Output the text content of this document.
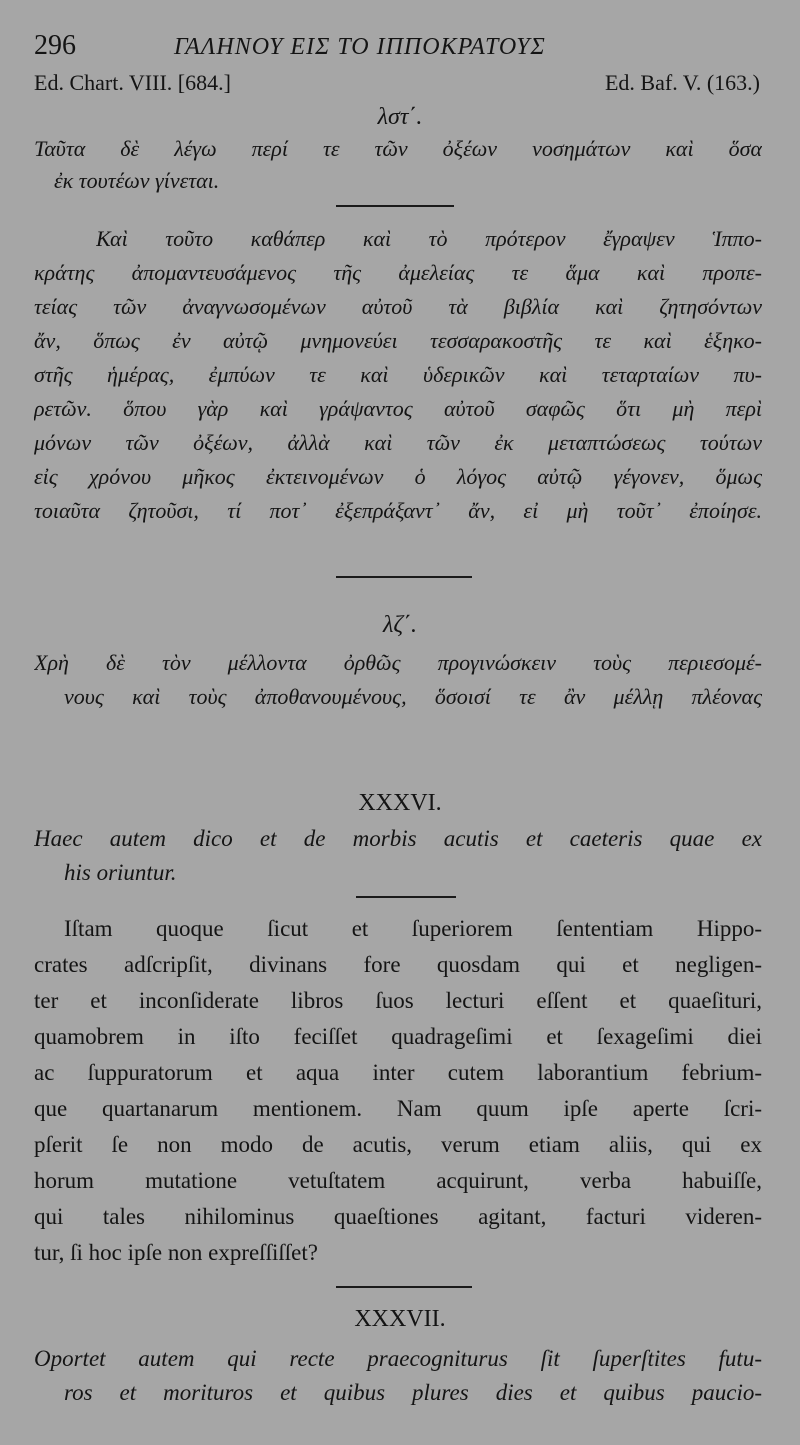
296	ΓΑΛΗΝΟΥ ΕΙΣ ΤΟ ΙΠΠΟΚΡΑΤΟΥΣ
Ed. Chart. VIII. [684.]	Ed. Baf. V. (163.)
λστ΄.
Ταῦτα δὲ λέγω περί τε τῶν ὀξέων νοσημάτων καὶ ὅσα
ἐκ τουτέων γίνεται.
Καὶ τοῦτο καθάπερ καὶ τὸ πρότερον ἔγραψεν Ἱππο-
κράτης ἀπομαντευσάμενος τῆς ἀμελείας τε ἅμα καὶ προπε-
τείας τῶν ἀναγνωσομένων αὐτοῦ τὰ βιβλία καὶ ζητησόντων
ἄν, ὅπως ἐν αὐτῷ μνημονεύει τεσσαρακοστῆς τε καὶ ἑξηκο-
στῆς ἡμέρας, ἐμπύων τε καὶ ὑδερικῶν καὶ τεταρταίων πυ-
ρετῶν. ὅπου γὰρ καὶ γράψαντος αὐτοῦ σαφῶς ὅτι μὴ περὶ
μόνων τῶν ὀξέων, ἀλλὰ καὶ τῶν ἐκ μεταπτώσεως τούτων
εἰς χρόνου μῆκος ἐκτεινομένων ὁ λόγος αὐτῷ γέγονεν, ὅμως
τοιαῦτα ζητοῦσι, τί ποτ᾽ ἐξεπράξαντ᾽ ἄν, εἰ μὴ τοῦτ᾽ ἐποίησε.
λζ΄.
Χρὴ δὲ τὸν μέλλοντα ὀρθῶς προγινώσκειν τοὺς περιεσομέ-
νους καὶ τοὺς ἀποθανουμένους, ὅσοισί τε ἂν μέλλῃ πλέονας
XXXVI.
Haec autem dico et de morbis acutis et caeteris quae ex
his oriuntur.
Iſtam quoque ſicut et ſuperiorem ſententiam Hippo-
crates adſcripſit, divinans fore quosdam qui et negligen-
ter et inconſiderate libros ſuos lecturi eſſent et quaeſituri,
quamobrem in iſto feciſſet quadrageſimi et ſexageſimi diei
ac ſuppuratorum et aqua inter cutem laborantium febrium-
que quartanarum mentionem. Nam quum ipſe aperte ſcri-
pſerit ſe non modo de acutis, verum etiam aliis, qui ex
horum mutatione vetuſtatem acquirunt, verba habuiſſe,
qui tales nihilominus quaeſtiones agitant, facturi videren-
tur, ſi hoc ipſe non expreſſiſſet?
XXXVII.
Oportet autem qui recte praecogniturus ſit ſuperſtites futu-
ros et morituros et quibus plures dies et quibus paucio-
